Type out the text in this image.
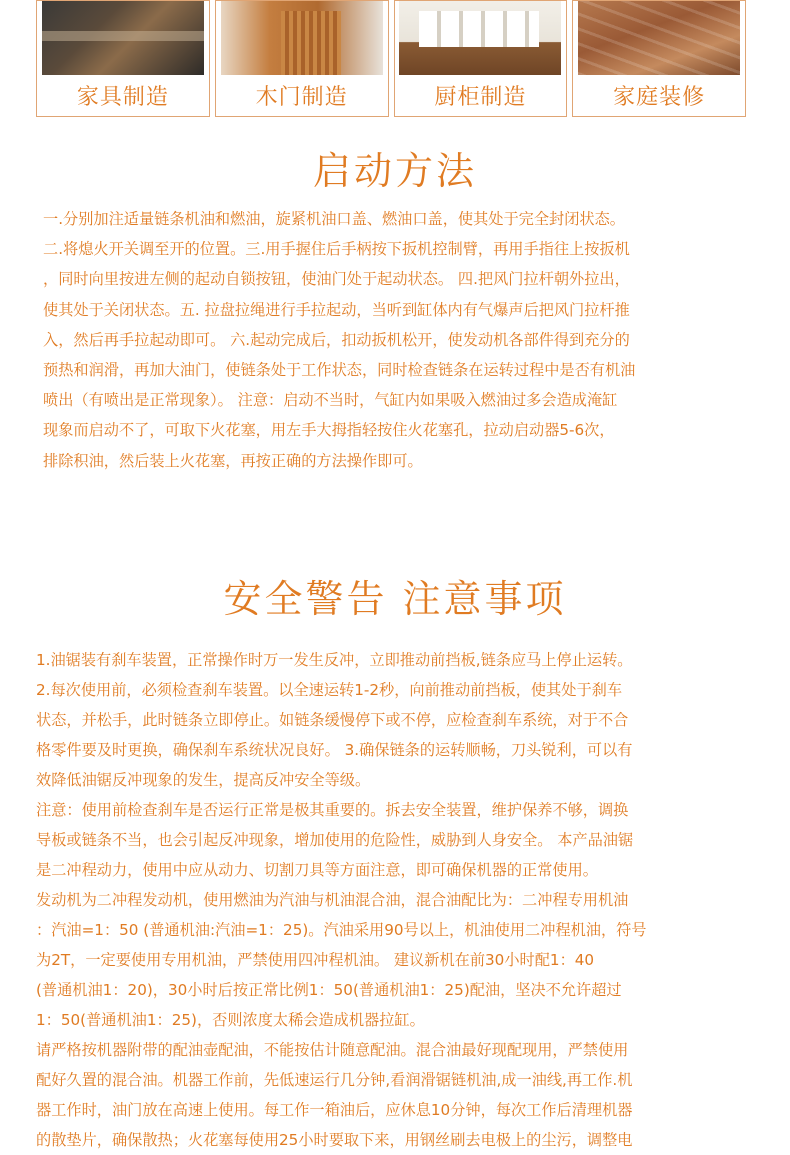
家具制造	木门制造	厨柜制造	家庭装修
启动方法
一.分别加注适量链条机油和燃油，旋紧机油口盖、燃油口盖，使其处于完全封闭状态。
二.将熄火开关调至开的位置。三.用手握住后手柄按下扳机控制臂，再用手指往上按扳机
，同时向里按进左侧的起动自锁按钮，使油门处于起动状态。 四.把风门拉杆朝外拉出，
使其处于关闭状态。五. 拉盘拉绳进行手拉起动，当听到缸体内有气爆声后把风门拉杆推
入，然后再手拉起动即可。 六.起动完成后，扣动扳机松开，使发动机各部件得到充分的
预热和润滑，再加大油门，使链条处于工作状态，同时检查链条在运转过程中是否有机油
喷出（有喷出是正常现象）。 注意：启动不当时，气缸内如果吸入燃油过多会造成淹缸
现象而启动不了，可取下火花塞，用左手大拇指轻按住火花塞孔，拉动启动器5-6次，
排除积油，然后装上火花塞，再按正确的方法操作即可。
安全警告 注意事项
1.油锯装有刹车装置，正常操作时万一发生反冲，立即推动前挡板,链条应马上停止运转。
2.每次使用前，必须检查刹车装置。以全速运转1-2秒，向前推动前挡板，使其处于刹车
状态，并松手，此时链条立即停止。如链条缓慢停下或不停，应检查刹车系统，对于不合
格零件要及时更换，确保刹车系统状况良好。 3.确保链条的运转顺畅，刀头锐利，可以有
效降低油锯反冲现象的发生，提高反冲安全等级。
注意：使用前检查刹车是否运行正常是极其重要的。拆去安全装置，维护保养不够，调换
导板或链条不当，也会引起反冲现象，增加使用的危险性，威胁到人身安全。 本产品油锯
是二冲程动力，使用中应从动力、切割刀具等方面注意，即可确保机器的正常使用。
发动机为二冲程发动机，使用燃油为汽油与机油混合油，混合油配比为：二冲程专用机油
：汽油=1：50 (普通机油:汽油=1：25)。汽油采用90号以上，机油使用二冲程机油，符号
为2T，一定要使用专用机油，严禁使用四冲程机油。 建议新机在前30小时配1：40
(普通机油1：20)，30小时后按正常比例1：50(普通机油1：25)配油，坚决不允许超过
1：50(普通机油1：25)，否则浓度太稀会造成机器拉缸。
请严格按机器附带的配油壶配油，不能按估计随意配油。混合油最好现配现用，严禁使用
配好久置的混合油。机器工作前，先低速运行几分钟,看润滑锯链机油,成一油线,再工作.机
器工作时，油门放在高速上使用。每工作一箱油后，应休息10分钟，每次工作后清理机器
的散垫片，确保散热；火花塞每使用25小时要取下来，用钢丝刷去电极上的尘污，调整电
